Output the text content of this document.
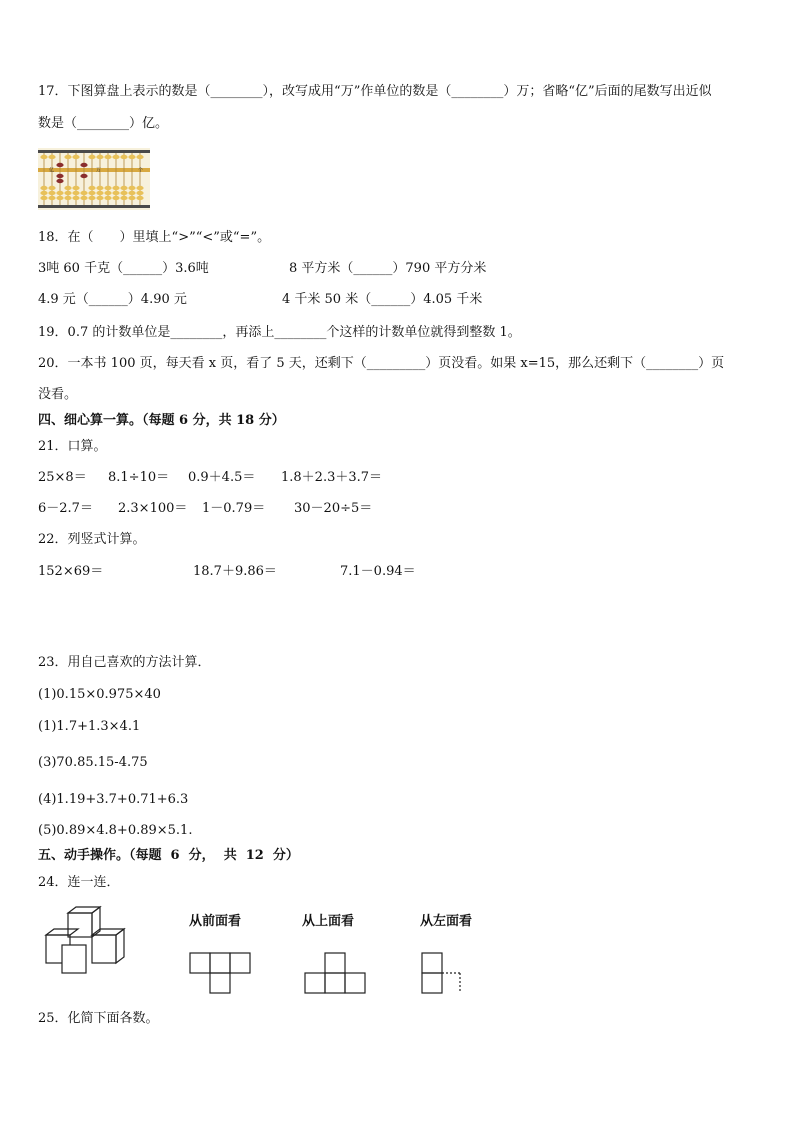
17．下图算盘上表示的数是（________），改写成用“万”作单位的数是（________）万；省略“亿”后面的尾数写出近似
数是（________）亿。
亿	万	个
18．在（　　）里填上“>”“<”或“=”。
3吨 60 千克（______）3.6吨	8 平方米（______）790 平方分米
4.9 元（______）4.90 元	4 千米 50 米（______）4.05 千米
19．0.7 的计数单位是________，再添上________个这样的计数单位就得到整数 1。
20．一本书 100 页，每天看 x 页，看了 5 天，还剩下（_________）页没看。如果 x=15，那么还剩下（________）页
没看。
四、细心算一算。（每题 6 分，共 18 分）
21．口算。
25×8＝ 8.1÷10＝ 0.9＋4.5＝ 1.8＋2.3＋3.7＝
6－2.7＝ 2.3×100＝ 1－0.79＝ 30－20÷5＝
22．列竖式计算。
152×69＝	18.7＋9.86＝	7.1－0.94＝
23．用自己喜欢的方法计算．
(1)0.15×0.975×40
(1)1.7+1.3×4.1
(3)70.85.15-4.75
(4)1.19+3.7+0.71+6.3
(5)0.89×4.8+0.89×5.1.
五、动手操作。（每题  6  分，  共  12  分）
24．连一连．
从前面看	从上面看	从左面看
25．化简下面各数。
